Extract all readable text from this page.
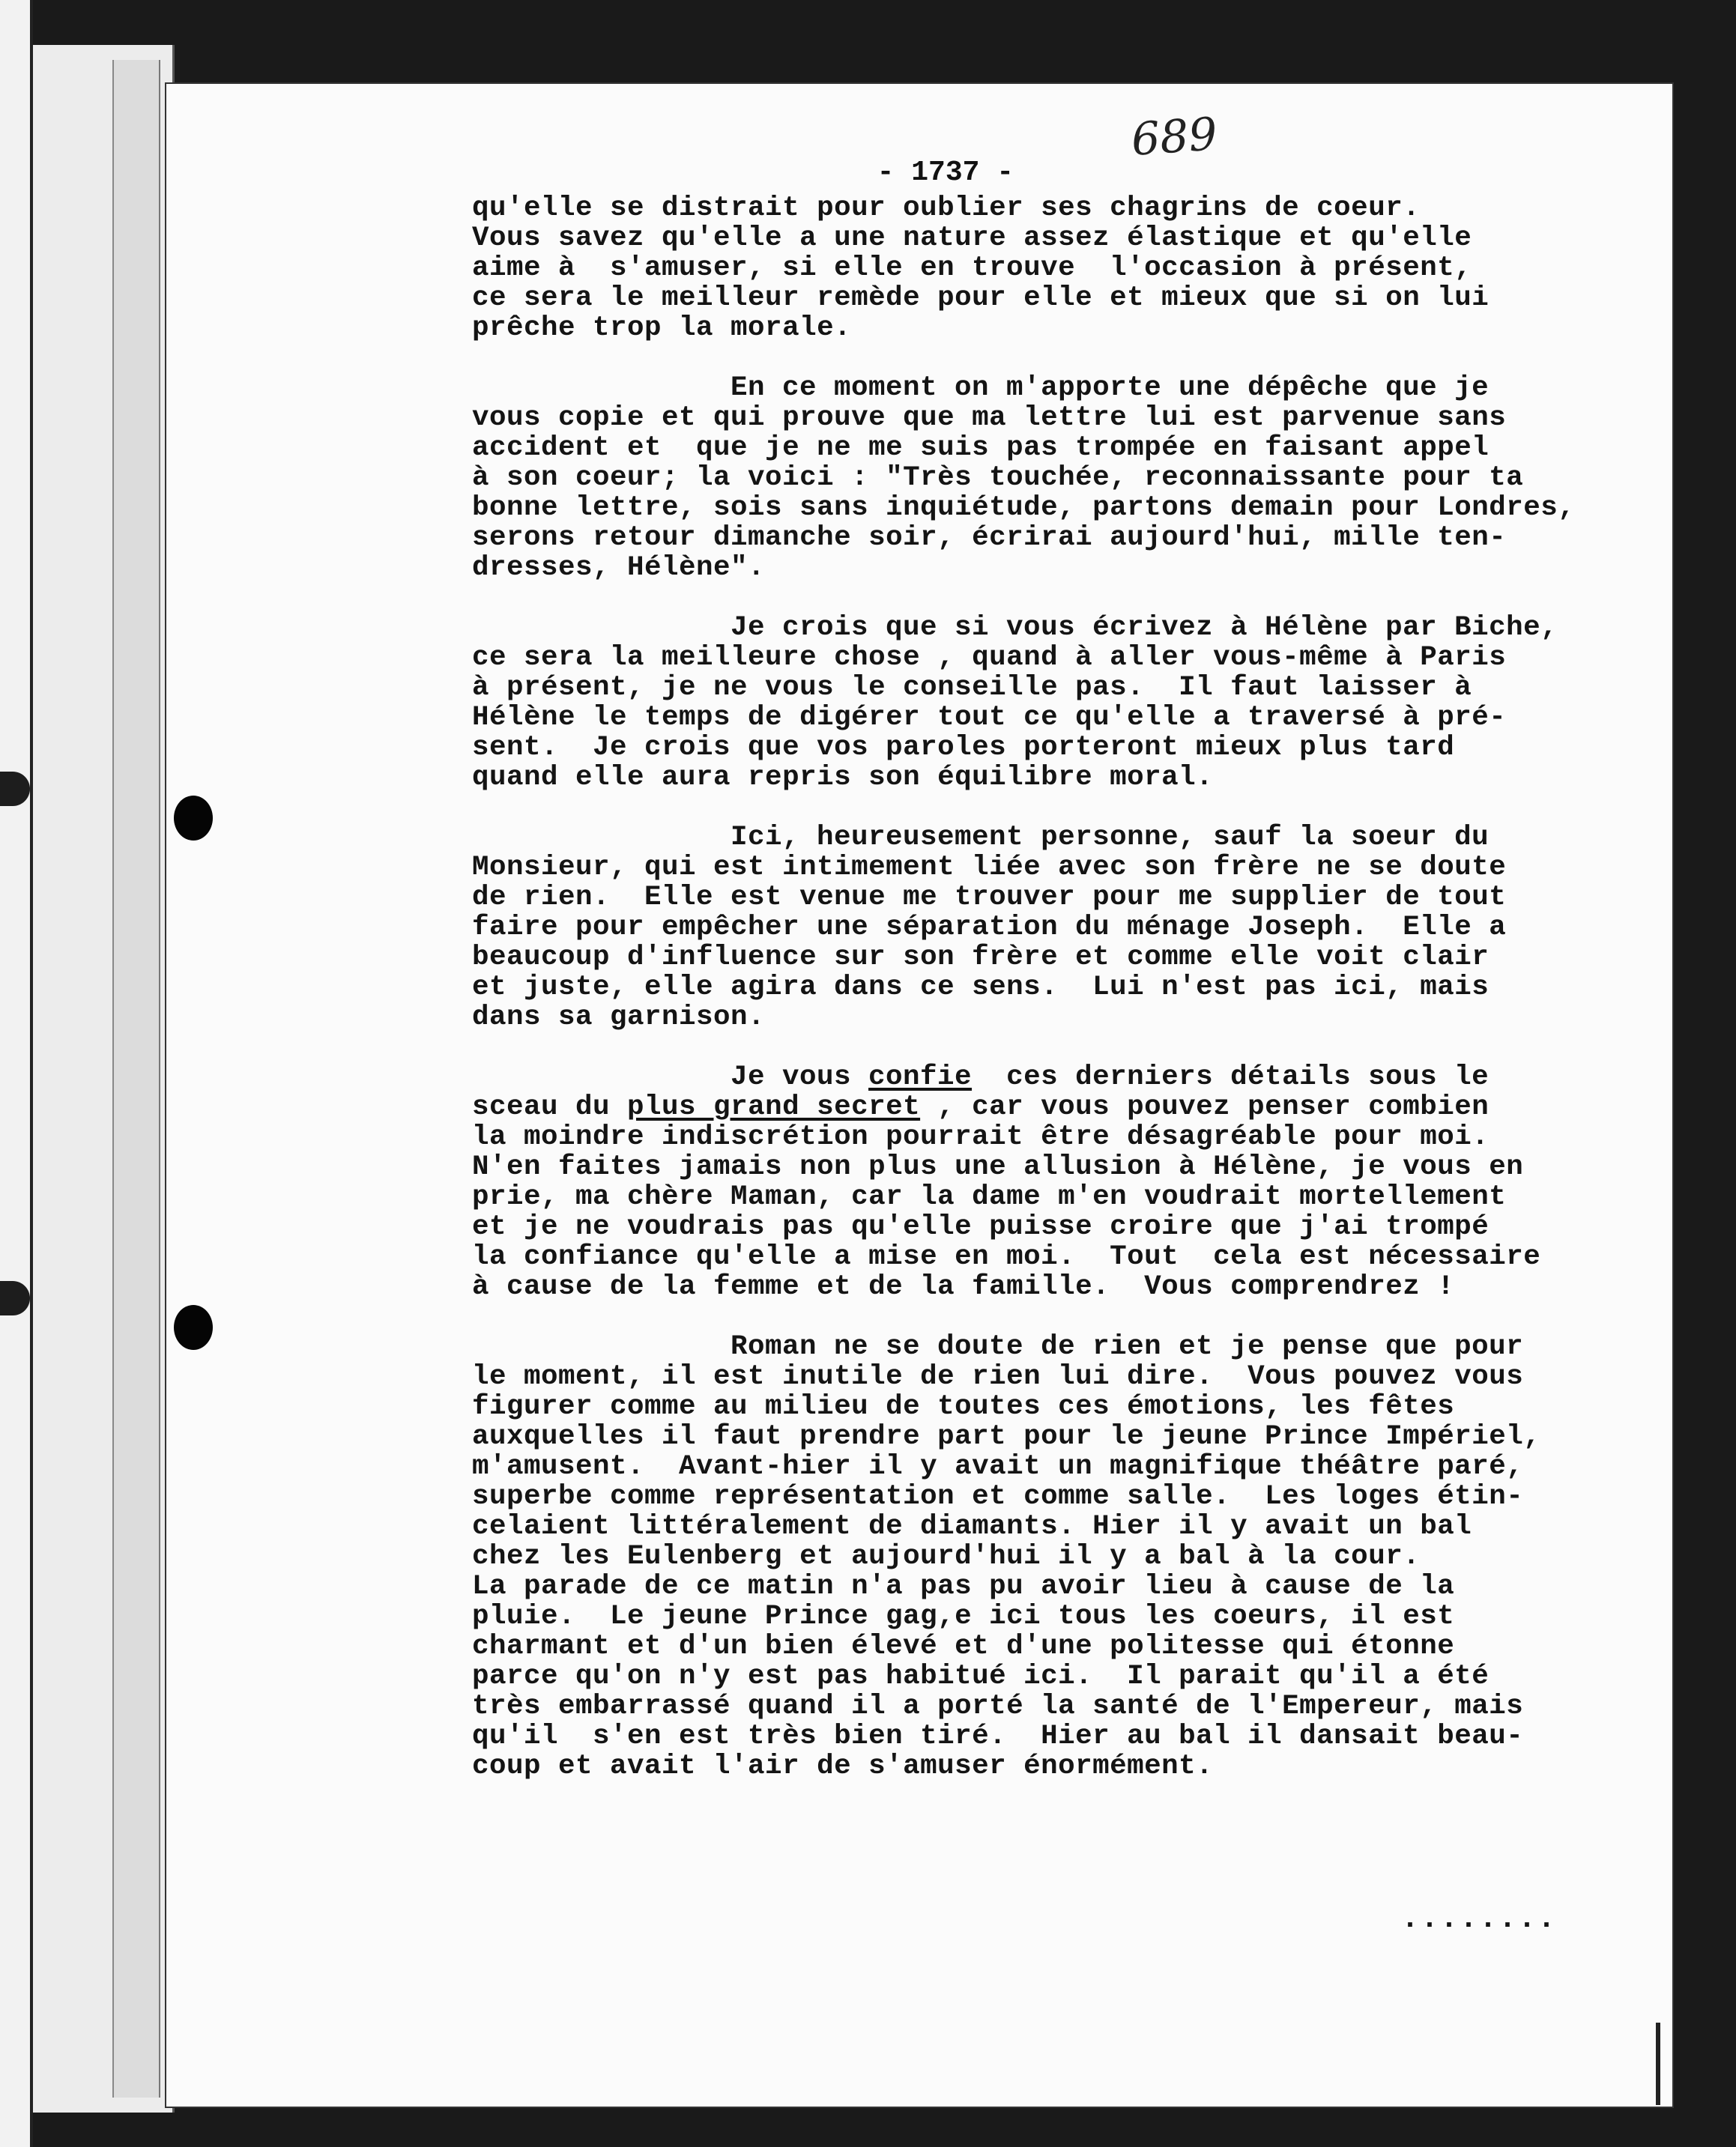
- 1737 -

689
qu'elle se distrait pour oublier ses chagrins de coeur.
Vous savez qu'elle a une nature assez élastique et qu'elle
aime à  s'amuser, si elle en trouve  l'occasion à présent,
ce sera le meilleur remède pour elle et mieux que si on lui
prêche trop la morale.
En ce moment on m'apporte une dépêche que je
vous copie et qui prouve que ma lettre lui est parvenue sans
accident et  que je ne me suis pas trompée en faisant appel
à son coeur; la voici : "Très touchée, reconnaissante pour ta
bonne lettre, sois sans inquiétude, partons demain pour Londres,
serons retour dimanche soir, écrirai aujourd'hui, mille ten-
dresses, Hélène".
Je crois que si vous écrivez à Hélène par Biche,
ce sera la meilleure chose , quand à aller vous-même à Paris
à présent, je ne vous le conseille pas.  Il faut laisser à
Hélène le temps de digérer tout ce qu'elle a traversé à pré-
sent.  Je crois que vos paroles porteront mieux plus tard
quand elle aura repris son équilibre moral.
Ici, heureusement personne, sauf la soeur du
Monsieur, qui est intimement liée avec son frère ne se doute
de rien.  Elle est venue me trouver pour me supplier de tout
faire pour empêcher une séparation du ménage Joseph.  Elle a
beaucoup d'influence sur son frère et comme elle voit clair
et juste, elle agira dans ce sens.  Lui n'est pas ici, mais
dans sa garnison.
Je vous confie  ces derniers détails sous le
sceau du plus grand secret , car vous pouvez penser combien
la moindre indiscrétion pourrait être désagréable pour moi.
N'en faites jamais non plus une allusion à Hélène, je vous en
prie, ma chère Maman, car la dame m'en voudrait mortellement
et je ne voudrais pas qu'elle puisse croire que j'ai trompé
la confiance qu'elle a mise en moi.  Tout  cela est nécessaire
à cause de la femme et de la famille.  Vous comprendrez !
Roman ne se doute de rien et je pense que pour
le moment, il est inutile de rien lui dire.  Vous pouvez vous
figurer comme au milieu de toutes ces émotions, les fêtes
auxquelles il faut prendre part pour le jeune Prince Impériel,
m'amusent.  Avant-hier il y avait un magnifique théâtre paré,
superbe comme représentation et comme salle.  Les loges étin-
celaient littéralement de diamants. Hier il y avait un bal
chez les Eulenberg et aujourd'hui il y a bal à la cour.
La parade de ce matin n'a pas pu avoir lieu à cause de la
pluie.  Le jeune Prince gag,e ici tous les coeurs, il est
charmant et d'un bien élevé et d'une politesse qui étonne
parce qu'on n'y est pas habitué ici.  Il parait qu'il a été
très embarrassé quand il a porté la santé de l'Empereur, mais
qu'il  s'en est très bien tiré.  Hier au bal il dansait beau-
coup et avait l'air de s'amuser énormément.
........
